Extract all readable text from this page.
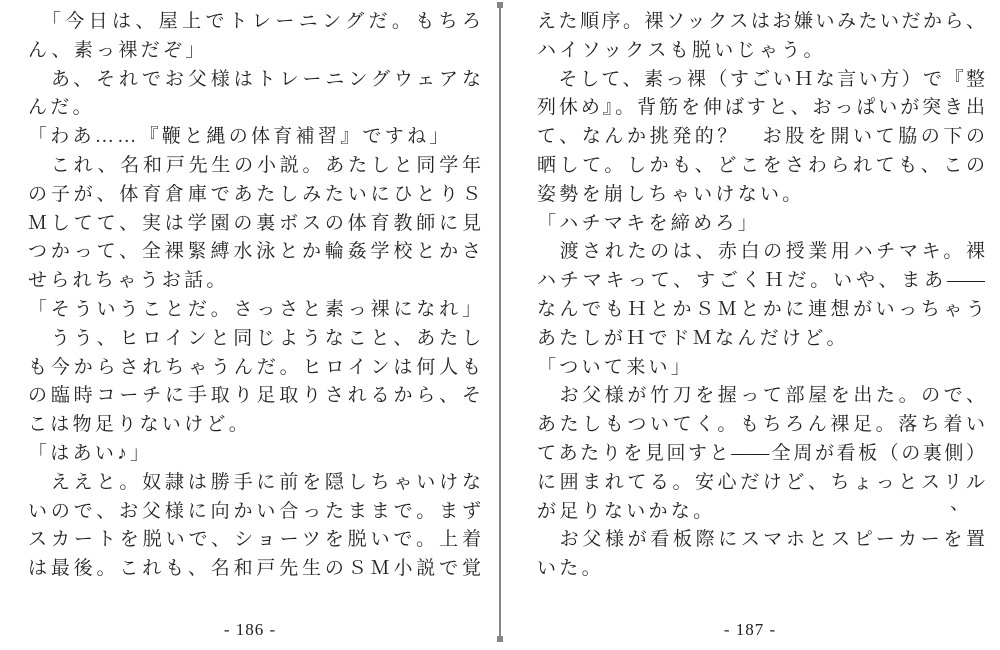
　「今日は、屋上でトレーニングだ。もちろ
ん、素っ裸だぞ」
　あ、それでお父様はトレーニングウェアな
んだ。
「わあ……『鞭と縄の体育補習』ですね」
　これ、名和戸先生の小説。あたしと同学年
の子が、体育倉庫であたしみたいにひとりＳ
Ｍしてて、実は学園の裏ボスの体育教師に見
つかって、全裸緊縛水泳とか輪姦学校とかさ
せられちゃうお話。
「そういうことだ。さっさと素っ裸になれ」
　うう、ヒロインと同じようなこと、あたし
も今からされちゃうんだ。ヒロインは何人も
の臨時コーチに手取り足取りされるから、そ
こは物足りないけど。
「はあい♪」
　ええと。奴隷は勝手に前を隠しちゃいけな
いので、お父様に向かい合ったままで。まず
スカートを脱いで、ショーツを脱いで。上着
は最後。これも、名和戸先生のＳＭ小説で覚
- 186 -
えた順序。裸ソックスはお嫌いみたいだから、
ハイソックスも脱いじゃう。
　そして、素っ裸（すごいＨな言い方）で『整
列休め』。背筋を伸ばすと、おっぱいが突き出
て、なんか挑発的？　お股を開いて脇の下の
晒して。しかも、どこをさわられても、この
姿勢を崩しちゃいけない。
「ハチマキを締めろ」
　渡されたのは、赤白の授業用ハチマキ。裸
ハチマキって、すごくＨだ。いや、まあ――
なんでもＨとかＳＭとかに連想がいっちゃう
あたしがＨでドＭなんだけど。
「ついて来い」
　お父様が竹刀を握って部屋を出た。ので、
あたしもついてく。もちろん裸足。落ち着い
てあたりを見回すと――全周が看板（の裏側）
に囲まれてる。安心だけど、ちょっとスリル
が足りないかな。
　お父様が看板際にスマホとスピーカーを置
いた。
- 187 -
、
